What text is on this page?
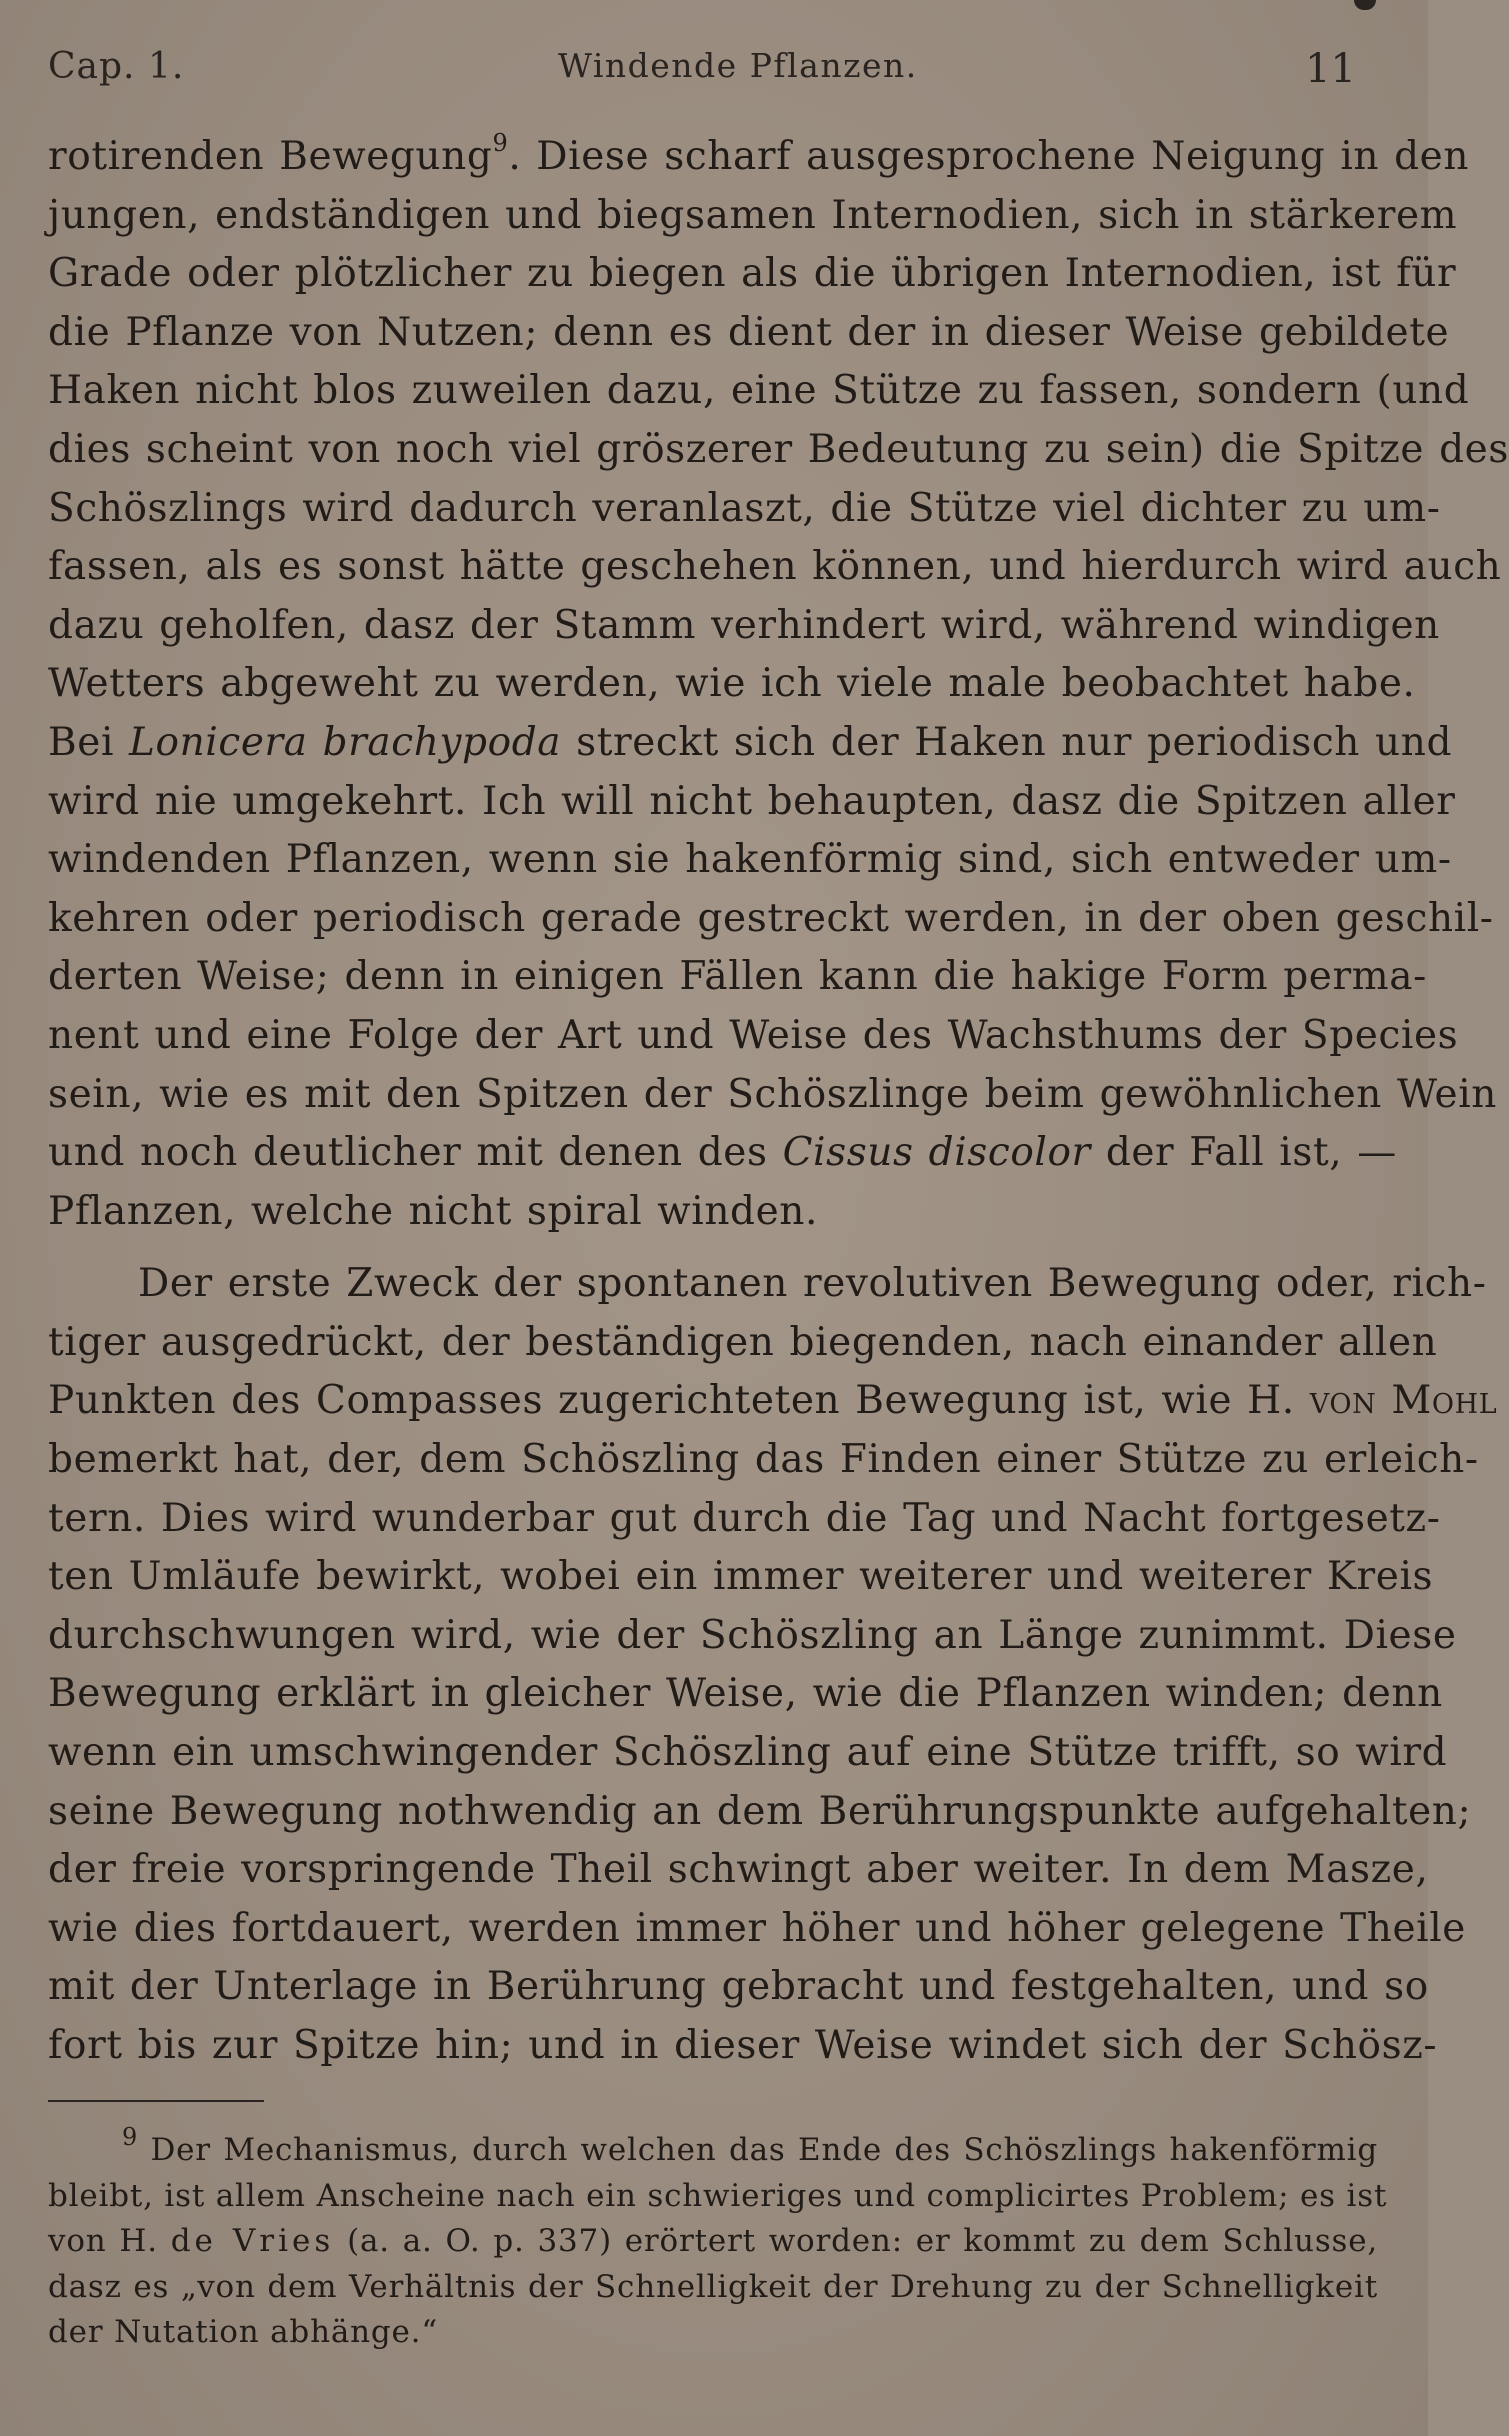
Cap. 1.	Windende Pflanzen.	11
rotirenden Bewegung$^9$. Diese scharf ausgesprochene Neigung in den
jungen, endständigen und biegsamen Internodien, sich in stärkerem
Grade oder plötzlicher zu biegen als die übrigen Internodien, ist für
die Pflanze von Nutzen; denn es dient der in dieser Weise gebildete
Haken nicht blos zuweilen dazu, eine Stütze zu fassen, sondern (und
dies scheint von noch viel gröszerer Bedeutung zu sein) die Spitze des
Schöszlings wird dadurch veranlaszt, die Stütze viel dichter zu um-
fassen, als es sonst hätte geschehen können, und hierdurch wird auch
dazu geholfen, dasz der Stamm verhindert wird, während windigen
Wetters abgeweht zu werden, wie ich viele male beobachtet habe.
Bei Lonicera brachypoda streckt sich der Haken nur periodisch und
wird nie umgekehrt. Ich will nicht behaupten, dasz die Spitzen aller
windenden Pflanzen, wenn sie hakenförmig sind, sich entweder um-
kehren oder periodisch gerade gestreckt werden, in der oben geschil-
derten Weise; denn in einigen Fällen kann die hakige Form perma-
nent und eine Folge der Art und Weise des Wachsthums der Species
sein, wie es mit den Spitzen der Schöszlinge beim gewöhnlichen Wein
und noch deutlicher mit denen des Cissus discolor der Fall ist, —
Pflanzen, welche nicht spiral winden.
Der erste Zweck der spontanen revolutiven Bewegung oder, rich-
tiger ausgedrückt, der beständigen biegenden, nach einander allen
Punkten des Compasses zugerichteten Bewegung ist, wie H. von Mohl
bemerkt hat, der, dem Schöszling das Finden einer Stütze zu erleich-
tern. Dies wird wunderbar gut durch die Tag und Nacht fortgesetz-
ten Umläufe bewirkt, wobei ein immer weiterer und weiterer Kreis
durchschwungen wird, wie der Schöszling an Länge zunimmt. Diese
Bewegung erklärt in gleicher Weise, wie die Pflanzen winden; denn
wenn ein umschwingender Schöszling auf eine Stütze trifft, so wird
seine Bewegung nothwendig an dem Berührungspunkte aufgehalten;
der freie vorspringende Theil schwingt aber weiter. In dem Masze,
wie dies fortdauert, werden immer höher und höher gelegene Theile
mit der Unterlage in Berührung gebracht und festgehalten, und so
fort bis zur Spitze hin; und in dieser Weise windet sich der Schösz-
$^9$ Der Mechanismus, durch welchen das Ende des Schöszlings hakenförmig
bleibt, ist allem Anscheine nach ein schwieriges und complicirtes Problem; es ist
von H. de Vries (a. a. O. p. 337) erörtert worden: er kommt zu dem Schlusse,
dasz es „von dem Verhältnis der Schnelligkeit der Drehung zu der Schnelligkeit
der Nutation abhänge.“
